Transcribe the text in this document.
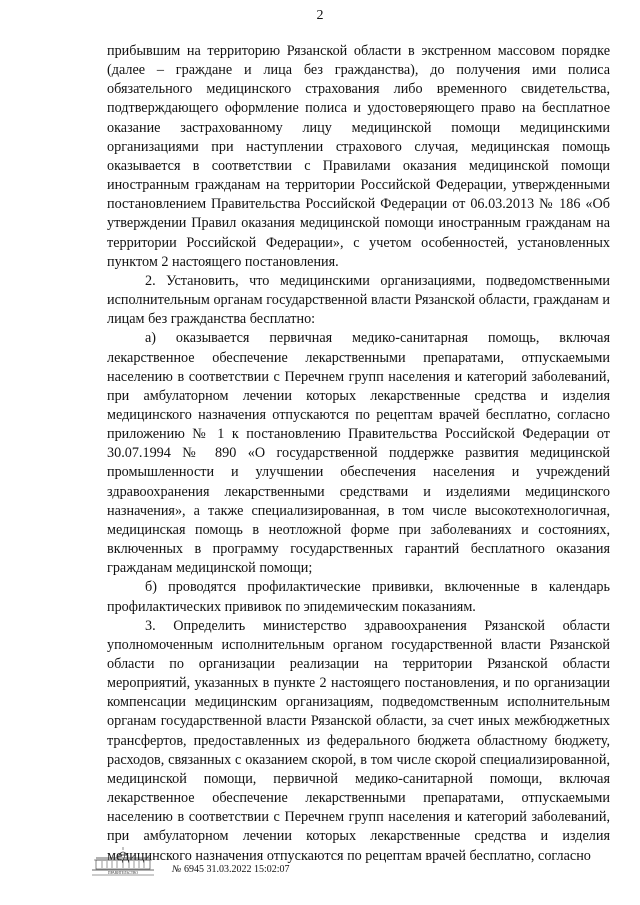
2

прибывшим на территорию Рязанской области в экстренном массовом порядке (далее – граждане и лица без гражданства), до получения ими полиса обязательного медицинского страхования либо временного свидетельства, подтверждающего оформление полиса и удостоверяющего право на бесплатное оказание застрахованному лицу медицинской помощи медицинскими организациями при наступлении страхового случая, медицинская помощь оказывается в соответствии с Правилами оказания медицинской помощи иностранным гражданам на территории Российской Федерации, утвержденными постановлением Правительства Российской Федерации от 06.03.2013 № 186 «Об утверждении Правил оказания медицинской помощи иностранным гражданам на территории Российской Федерации», с учетом особенностей, установленных пунктом 2 настоящего постановления.

2. Установить, что медицинскими организациями, подведомственными исполнительным органам государственной власти Рязанской области, гражданам и лицам без гражданства бесплатно:

а) оказывается первичная медико-санитарная помощь, включая лекарственное обеспечение лекарственными препаратами, отпускаемыми населению в соответствии с Перечнем групп населения и категорий заболеваний, при амбулаторном лечении которых лекарственные средства и изделия медицинского назначения отпускаются по рецептам врачей бесплатно, согласно приложению № 1 к постановлению Правительства Российской Федерации от 30.07.1994 № 890 «О государственной поддержке развития медицинской промышленности и улучшении обеспечения населения и учреждений здравоохранения лекарственными средствами и изделиями медицинского назначения», а также специализированная, в том числе высокотехнологичная, медицинская помощь в неотложной форме при заболеваниях и состояниях, включенных в программу государственных гарантий бесплатного оказания гражданам медицинской помощи;

б) проводятся профилактические прививки, включенные в календарь профилактических прививок по эпидемическим показаниям.

3. Определить министерство здравоохранения Рязанской области уполномоченным исполнительным органом государственной власти Рязанской области по организации реализации на территории Рязанской области мероприятий, указанных в пункте 2 настоящего постановления, и по организации компенсации медицинским организациям, подведомственным исполнительным органам государственной власти Рязанской области, за счет иных межбюджетных трансфертов, предоставленных из федерального бюджета областному бюджету, расходов, связанных с оказанием скорой, в том числе скорой специализированной, медицинской помощи, первичной медико-санитарной помощи, включая лекарственное обеспечение лекарственными препаратами, отпускаемыми населению в соответствии с Перечнем групп населения и категорий заболеваний, при амбулаторном лечении которых лекарственные средства и изделия медицинского назначения отпускаются по рецептам врачей бесплатно, согласно

ПРАВИТЕЛЬСТВО	№ 6945 31.03.2022 15:02:07
